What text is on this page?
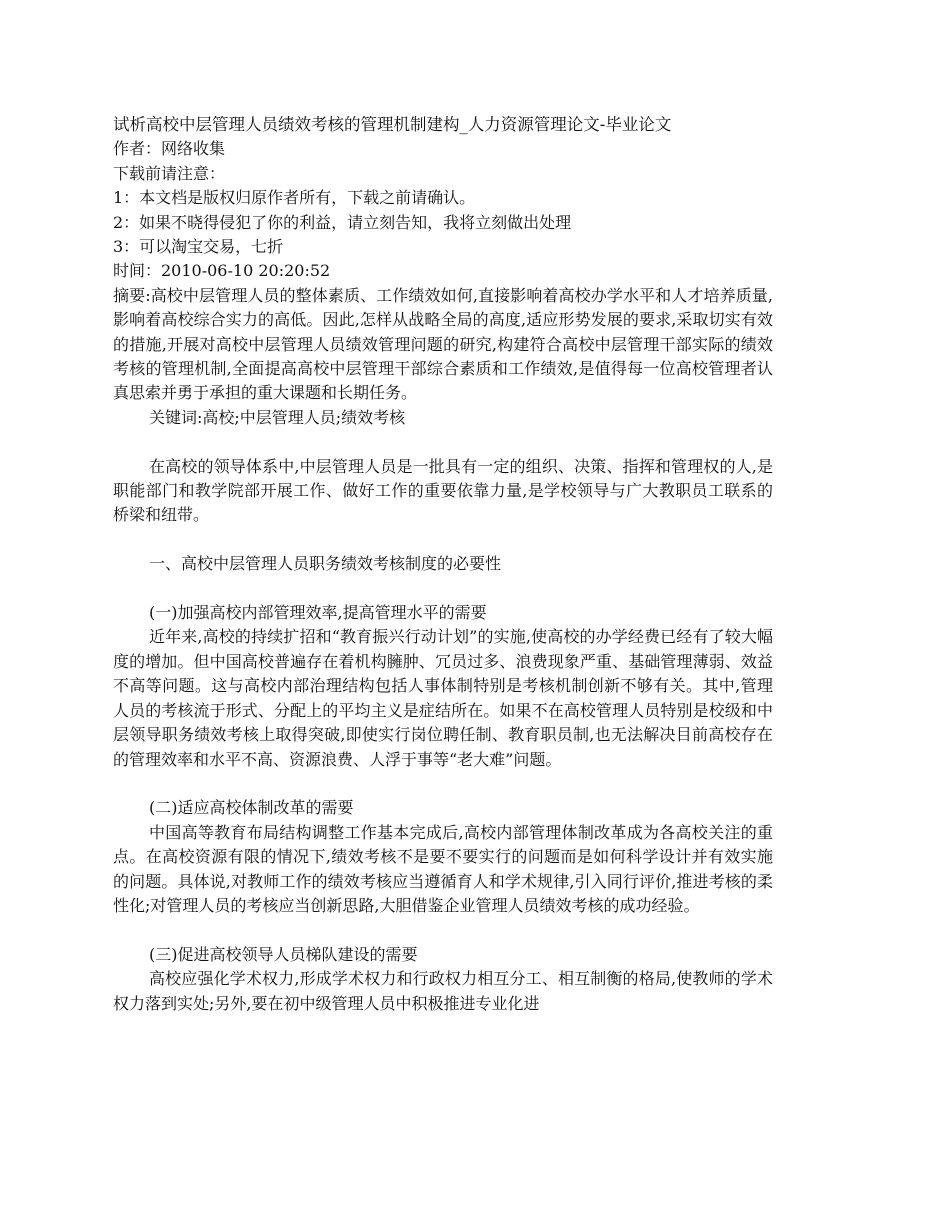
试析高校中层管理人员绩效考核的管理机制建构_人力资源管理论文-毕业论文
作者：网络收集
下载前请注意：
1：本文档是版权归原作者所有，下载之前请确认。
2：如果不晓得侵犯了你的利益，请立刻告知，我将立刻做出处理
3：可以淘宝交易，七折
时间：2010-06-10 20:20:52

摘要:高校中层管理人员的整体素质、工作绩效如何,直接影响着高校办学水平和人才培养质量,影响着高校综合实力的高低。因此,怎样从战略全局的高度,适应形势发展的要求,采取切实有效的措施,开展对高校中层管理人员绩效管理问题的研究,构建符合高校中层管理干部实际的绩效考核的管理机制,全面提高高校中层管理干部综合素质和工作绩效,是值得每一位高校管理者认真思索并勇于承担的重大课题和长期任务。

关键词:高校;中层管理人员;绩效考核

在高校的领导体系中,中层管理人员是一批具有一定的组织、决策、指挥和管理权的人,是职能部门和教学院部开展工作、做好工作的重要依靠力量,是学校领导与广大教职员工联系的桥梁和纽带。

一、高校中层管理人员职务绩效考核制度的必要性

(一)加强高校内部管理效率,提高管理水平的需要

近年来,高校的持续扩招和“教育振兴行动计划”的实施,使高校的办学经费已经有了较大幅度的增加。但中国高校普遍存在着机构臃肿、冗员过多、浪费现象严重、基础管理薄弱、效益不高等问题。这与高校内部治理结构包括人事体制特别是考核机制创新不够有关。其中,管理人员的考核流于形式、分配上的平均主义是症结所在。如果不在高校管理人员特别是校级和中层领导职务绩效考核上取得突破,即使实行岗位聘任制、教育职员制,也无法解决目前高校存在的管理效率和水平不高、资源浪费、人浮于事等“老大难”问题。

(二)适应高校体制改革的需要

中国高等教育布局结构调整工作基本完成后,高校内部管理体制改革成为各高校关注的重点。在高校资源有限的情况下,绩效考核不是要不要实行的问题而是如何科学设计并有效实施的问题。具体说,对教师工作的绩效考核应当遵循育人和学术规律,引入同行评价,推进考核的柔性化;对管理人员的考核应当创新思路,大胆借鉴企业管理人员绩效考核的成功经验。

(三)促进高校领导人员梯队建设的需要

高校应强化学术权力,形成学术权力和行政权力相互分工、相互制衡的格局,使教师的学术权力落到实处;另外,要在初中级管理人员中积极推进专业化进
